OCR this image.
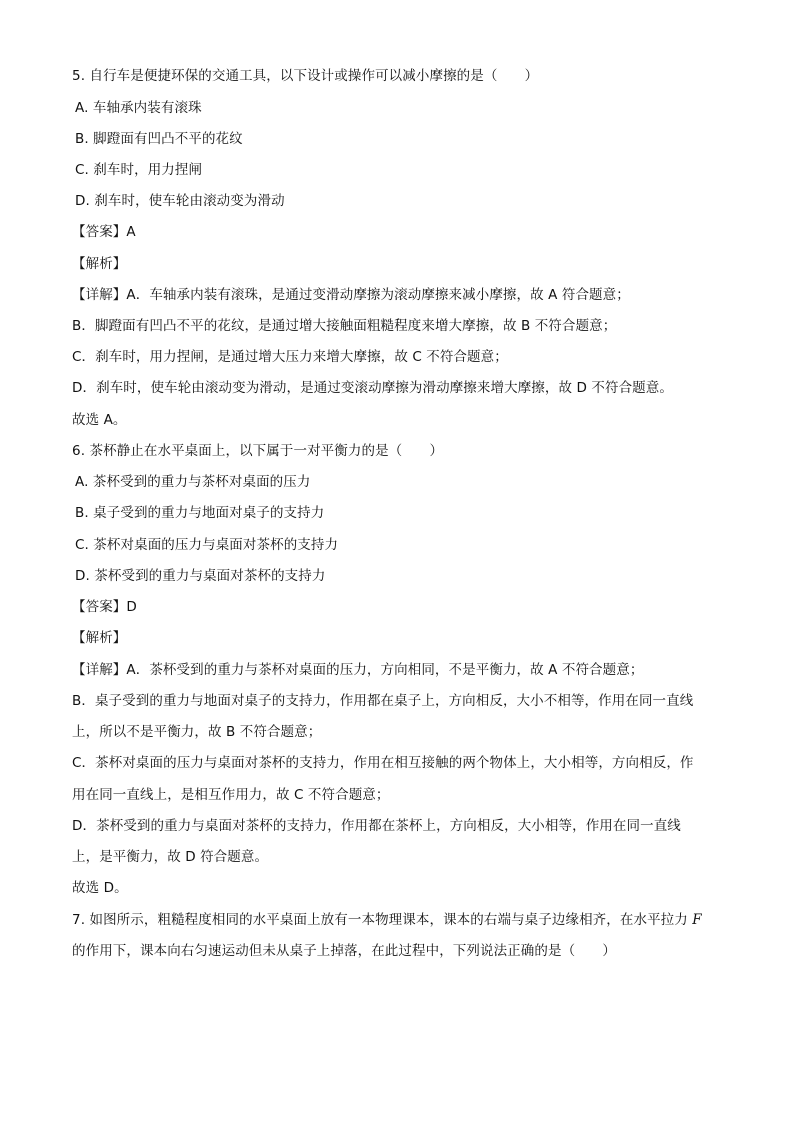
5. 自行车是便捷环保的交通工具，以下设计或操作可以减小摩擦的是（　　）
A. 车轴承内装有滚珠
B. 脚蹬面有凹凸不平的花纹
C. 刹车时，用力捏闸
D. 刹车时，使车轮由滚动变为滑动
【答案】A
【解析】
【详解】A．车轴承内装有滚珠，是通过变滑动摩擦为滚动摩擦来减小摩擦，故 A 符合题意；
B．脚蹬面有凹凸不平的花纹，是通过增大接触面粗糙程度来增大摩擦，故 B 不符合题意；
C．刹车时，用力捏闸，是通过增大压力来增大摩擦，故 C 不符合题意；
D．刹车时，使车轮由滚动变为滑动，是通过变滚动摩擦为滑动摩擦来增大摩擦，故 D 不符合题意。
故选 A。
6. 茶杯静止在水平桌面上，以下属于一对平衡力的是（　　）
A. 茶杯受到的重力与茶杯对桌面的压力
B. 桌子受到的重力与地面对桌子的支持力
C. 茶杯对桌面的压力与桌面对茶杯的支持力
D. 茶杯受到的重力与桌面对茶杯的支持力
【答案】D
【解析】
【详解】A．茶杯受到的重力与茶杯对桌面的压力，方向相同，不是平衡力，故 A 不符合题意；
B．桌子受到的重力与地面对桌子的支持力，作用都在桌子上，方向相反，大小不相等，作用在同一直线
上，所以不是平衡力，故 B 不符合题意；
C．茶杯对桌面的压力与桌面对茶杯的支持力，作用在相互接触的两个物体上，大小相等，方向相反，作
用在同一直线上，是相互作用力，故 C 不符合题意；
D．茶杯受到的重力与桌面对茶杯的支持力，作用都在茶杯上，方向相反，大小相等，作用在同一直线
上，是平衡力，故 D 符合题意。
故选 D。
7. 如图所示，粗糙程度相同的水平桌面上放有一本物理课本，课本的右端与桌子边缘相齐，在水平拉力 F
的作用下，课本向右匀速运动但未从桌子上掉落，在此过程中，下列说法正确的是（　　）
